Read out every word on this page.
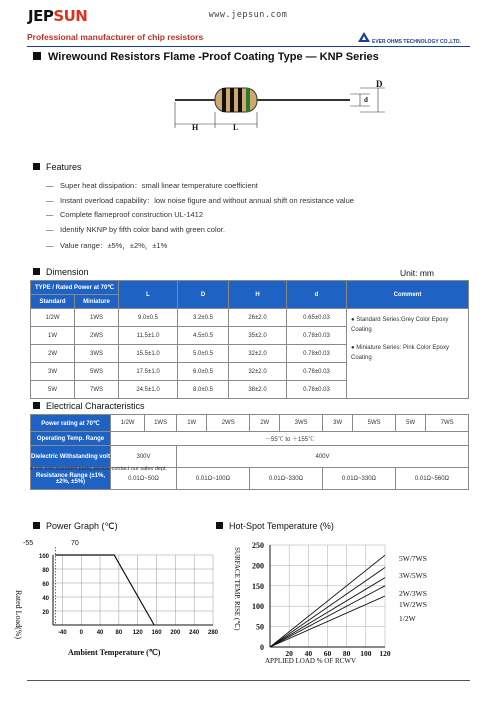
JEPSUN	www.jepsun.com
Professional manufacturer of chip resistors	EVER OHMS TECHNOLOGY CO.,LTD.
Wirewound Resistors Flame -Proof Coating Type — KNP Series
H	L
d
D
Features
— Super heat dissipation：small linear temperature coefficient
— Instant overload capability：low noise figure and without annual shift on resistance value
— Complete flameproof construction UL-1412
— Identify NKNP by fifth color band with green color.
— Value range：±5%，±2%，±1%
Dimension	Unit: mm
TYPE / Rated Power at 70℃		L	D	H	d	Comment
Standard	Miniature					
1/2W	1WS	9.0±0.5	3.2±0.5	26±2.0	0.65±0.03	● Standard Series:Grey Color Epoxy Coating
● Miniature Series: Pink Color Epoxy Coating

1W	2WS	11.5±1.0	4.5±0.5	35±2.0	0.78±0.03	
2W	3WS	15.5±1.0	5.0±0.5	32±2.0	0.78±0.03	
3W	5WS	17.5±1.0	6.0±0.5	32±2.0	0.78±0.03	
5W	7WS	24.5±1.0	8.0±0.5	38±2.0	0.78±0.03	
Electrical Characteristics
Power rating at 70℃	1/2W	1WS	1W	2WS	2W	3WS	3W	5WS	5W	7WS
Operating Temp. Range	－55℃ to ＋155℃									
Dielectric Withstanding volt	300V		400V							
Resistance Range (±1%, ±2%, ±5%)	0.01Ω~50Ω		0.01Ω~100Ω		0.01Ω~330Ω		0.01Ω~330Ω		0.01Ω~560Ω	
● For non-standard parts, please contact our sales dept.
Power Graph (℃)
100
80
60
40
20
-40 0 40 80 120 160 200 240 280
Rated Load(%)
Ambient Temperature (℃)
-55	70
Hot-Spot Temperature (%)
250
200
150
100
50
0
20 40 60 80 100 120
5W/7WS
3W/5WS
2W/3WS
1W/2WS
1/2W
SURFACE TEMP. RISE (℃)
APPLIED LOAD % OF RCWV
